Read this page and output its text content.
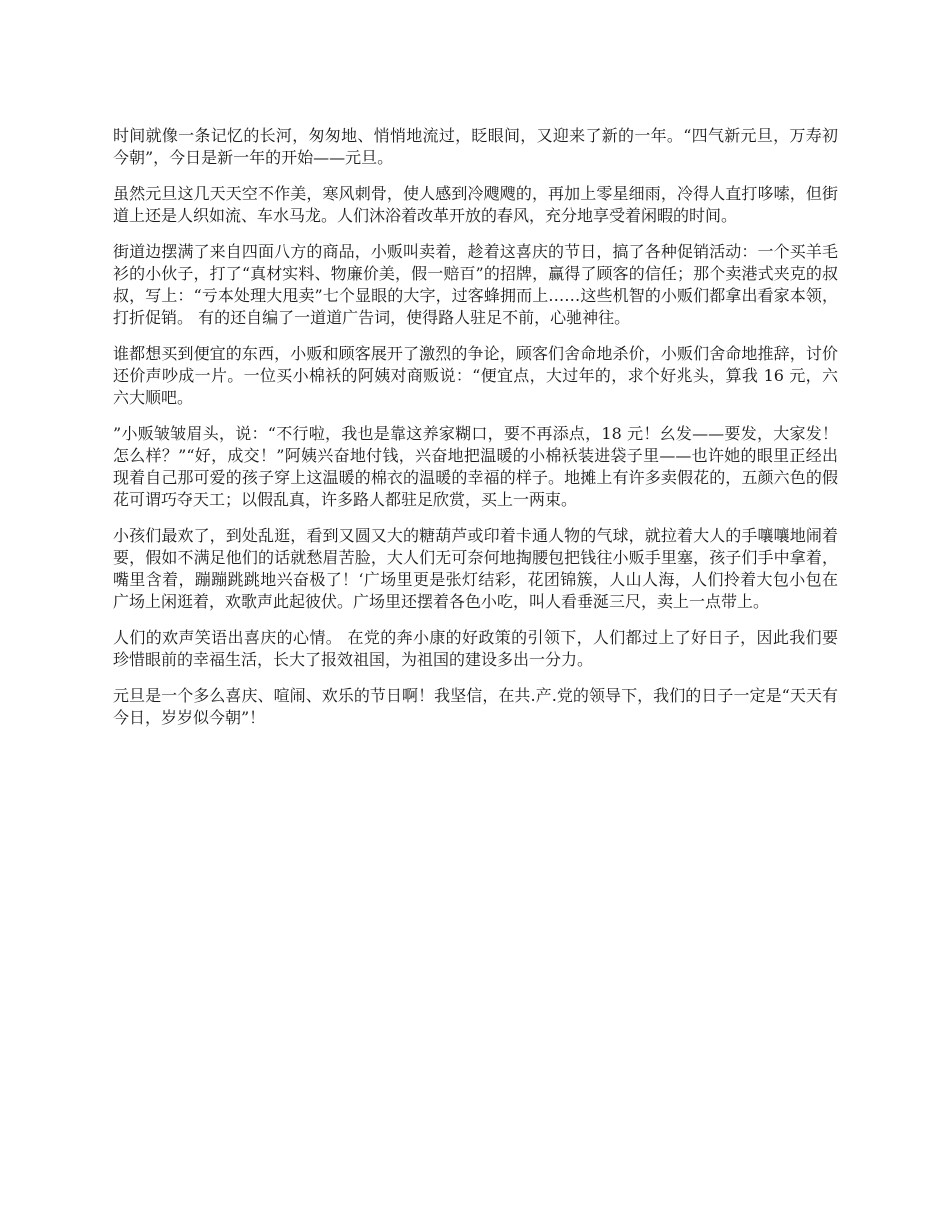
时间就像一条记忆的长河，匆匆地、悄悄地流过，眨眼间，又迎来了新的一年。“四气新元旦，万寿初今朝”，今日是新一年的开始——元旦。

虽然元旦这几天天空不作美，寒风刺骨，使人感到冷飕飕的，再加上零星细雨，冷得人直打哆嗦，但街道上还是人织如流、车水马龙。人们沐浴着改革开放的春风，充分地享受着闲暇的时间。

街道边摆满了来自四面八方的商品，小贩叫卖着，趁着这喜庆的节日，搞了各种促销活动：一个买羊毛衫的小伙子，打了“真材实料、物廉价美，假一赔百”的招牌，赢得了顾客的信任；那个卖港式夹克的叔叔，写上：“亏本处理大甩卖”七个显眼的大字，过客蜂拥而上……这些机智的小贩们都拿出看家本领，打折促销。 有的还自编了一道道广告词，使得路人驻足不前，心驰神往。

谁都想买到便宜的东西，小贩和顾客展开了激烈的争论，顾客们舍命地杀价，小贩们舍命地推辞，讨价还价声吵成一片。一位买小棉袄的阿姨对商贩说：“便宜点，大过年的，求个好兆头，算我 16 元，六六大顺吧。

”小贩皱皱眉头，说：“不行啦，我也是靠这养家糊口，要不再添点，18 元！幺发——要发，大家发！怎么样？”“好，成交！”阿姨兴奋地付钱，兴奋地把温暖的小棉袄装进袋子里——也许她的眼里正经出现着自己那可爱的孩子穿上这温暖的棉衣的温暖的幸福的样子。地摊上有许多卖假花的，五颜六色的假花可谓巧夺天工；以假乱真，许多路人都驻足欣赏，买上一两束。

小孩们最欢了，到处乱逛，看到又圆又大的糖葫芦或印着卡通人物的气球，就拉着大人的手嚷嚷地闹着要，假如不满足他们的话就愁眉苦脸，大人们无可奈何地掏腰包把钱往小贩手里塞，孩子们手中拿着，嘴里含着，蹦蹦跳跳地兴奋极了！‘广场里更是张灯结彩，花团锦簇，人山人海，人们拎着大包小包在广场上闲逛着，欢歌声此起彼伏。广场里还摆着各色小吃，叫人看垂涎三尺，卖上一点带上。

人们的欢声笑语出喜庆的心情。 在党的奔小康的好政策的引领下，人们都过上了好日子，因此我们要珍惜眼前的幸福生活，长大了报效祖国，为祖国的建设多出一分力。

元旦是一个多么喜庆、喧闹、欢乐的节日啊！我坚信，在共.产.党的领导下，我们的日子一定是“天天有今日，岁岁似今朝”！
